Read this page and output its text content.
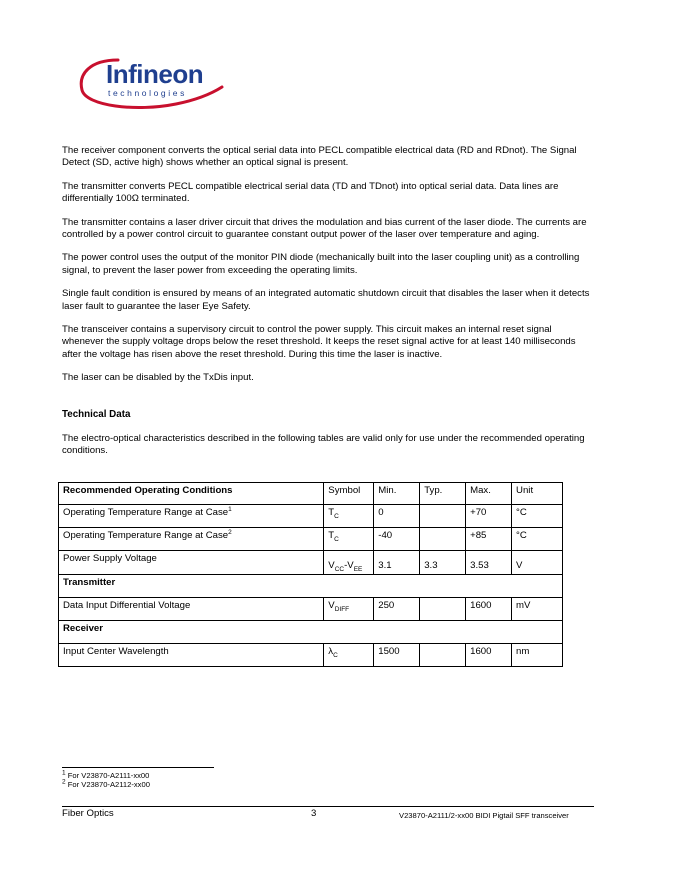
Infineon
technologies

The receiver component converts the optical serial data into PECL compatible electrical data (RD and RDnot). The Signal Detect (SD, active high) shows whether an optical signal is present.

The transmitter converts PECL compatible electrical serial data (TD and TDnot) into optical serial data. Data lines are differentially 100Ω terminated.

The transmitter contains a laser driver circuit that drives the modulation and bias current of the laser diode. The currents are controlled by a power control circuit to guarantee constant output power of the laser over temperature and aging.

The power control uses the output of the monitor PIN diode (mechanically built into the laser coupling unit) as a controlling signal, to prevent the laser power from exceeding the operating limits.

Single fault condition is ensured by means of an integrated automatic shutdown circuit that disables the laser when it detects laser fault to guarantee the laser Eye Safety.

The transceiver contains a supervisory circuit to control the power supply. This circuit makes an internal reset signal whenever the supply voltage drops below the reset threshold. It keeps the reset signal active for at least 140 milliseconds after the voltage has risen above the reset threshold. During this time the laser is inactive.

The laser can be disabled by the TxDis input.

Technical Data

The electro-optical characteristics described in the following tables are valid only for use under the recommended operating conditions.

Recommended Operating Conditions	Symbol	Min.	Typ.	Max.	Unit
Operating Temperature Range at Case$^1$	$T_C$	0		+70	°C
Operating Temperature Range at Case$^2$	$T_C$	-40		+85	°C
Power Supply Voltage	$V_{CC}-V_{EE}$	3.1	3.3	3.53	V
Transmitter					
Data Input Differential Voltage	$V_{DIFF}$	250		1600	mV
Receiver					
Input Center Wavelength	$\lambda_C$	1500		1600	nm
$^1$ For V23870-A2111-xx00
$^2$ For V23870-A2112-xx00
Fiber Optics	3	V23870-A2111/2-xx00 BIDI Pigtail SFF transceiver
